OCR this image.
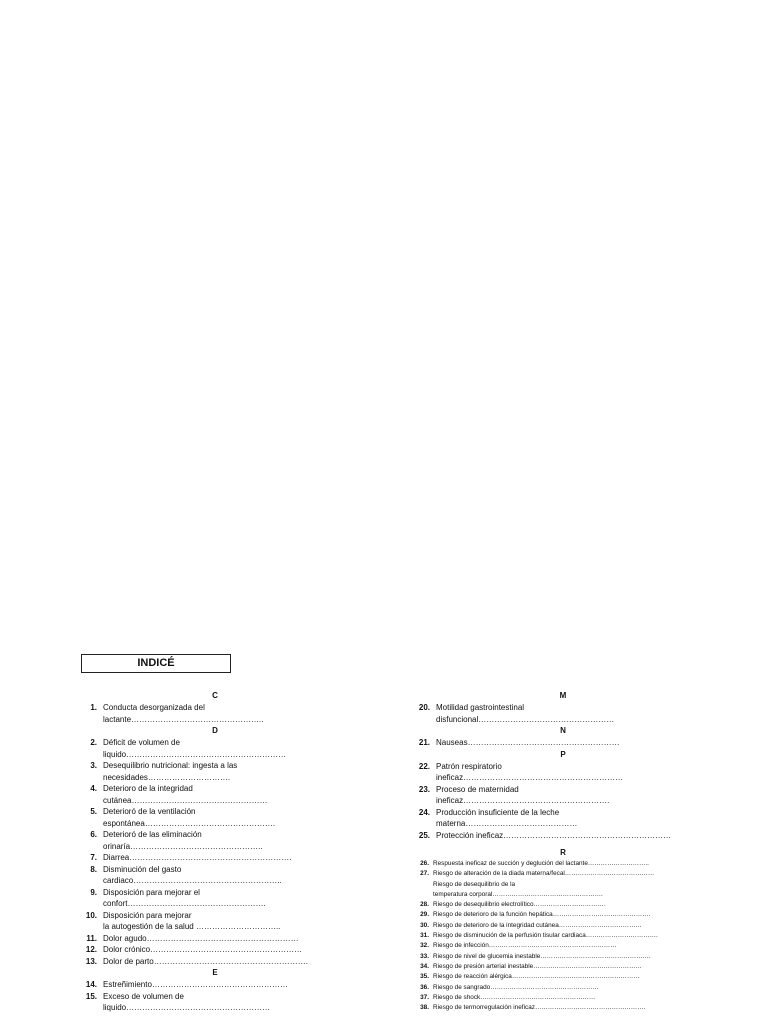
INDICÉ
C
1. Conducta desorganizada del
lactante…………………………………………..
D
2. Déficit de volumen de
liquido……………………………………………………
3. Desequilibrio nutricional: ingesta a las
necesidades………………………….
4. Deterioro de la integridad
cutánea……………………………………………
5. Deterioró de la ventilación
espontánea………………………………………….
6. Deterioró de las eliminación
orinaría…………………………………………..
7. Diarrea…………………………………………………….
8. Disminución del gasto
cardiaco………………………………………………..
9. Disposición para mejorar el
confort…………………………………………….
10. Disposición para mejorar
la autogestión de la salud …………………………..
11. Dolor agudo…………………………………………………
12. Dolor crónico…………………………………………………
13. Dolor de parto………………………………………………….
E
14. Estreñimiento……………………………………………
15. Exceso de volumen de
liquido………………………………………………
M
20. Motilidad gastrointestinal
disfuncional……………………………………………
N
21. Nauseas…………………………………………………
P
22. Patrón respiratorio
ineficaz……………………………………………………
23. Proceso de maternidad
ineficaz……………………………………………….
24. Producción insuficiente de la leche
materna……………………………………
25. Protección ineficaz………………………………………………………
R
26. Respuesta ineficaz de succión y deglución del lactante………………………..
27. Riesgo de alteración de la diada materna/fecal……………………………………
Riesgo de desequilibrio de la
temperatura corporal…………………………………………….
28. Riesgo de desequilibrio electrolítico…………………………….
29. Riesgo de deterioro de la función hepática……………………………………….
30. Riesgo de deterioro de la integridad cutánea…………………………………
31. Riesgo de disminución de la perfusión tisular cardiaca…………………………….
32. Riesgo de infección……………………………………………………
33. Riesgo de nivel de glucemia inestable…………………………………………….
34. Riesgo de presión arterial inestable……………………………………………
35. Riesgo de reacción alérgica……………………………………………………
36. Riesgo de sangrado……………………………………………
37. Riesgo de shock………………………………………………
38. Riesgo de termorregulación ineficaz…………………………………………….
